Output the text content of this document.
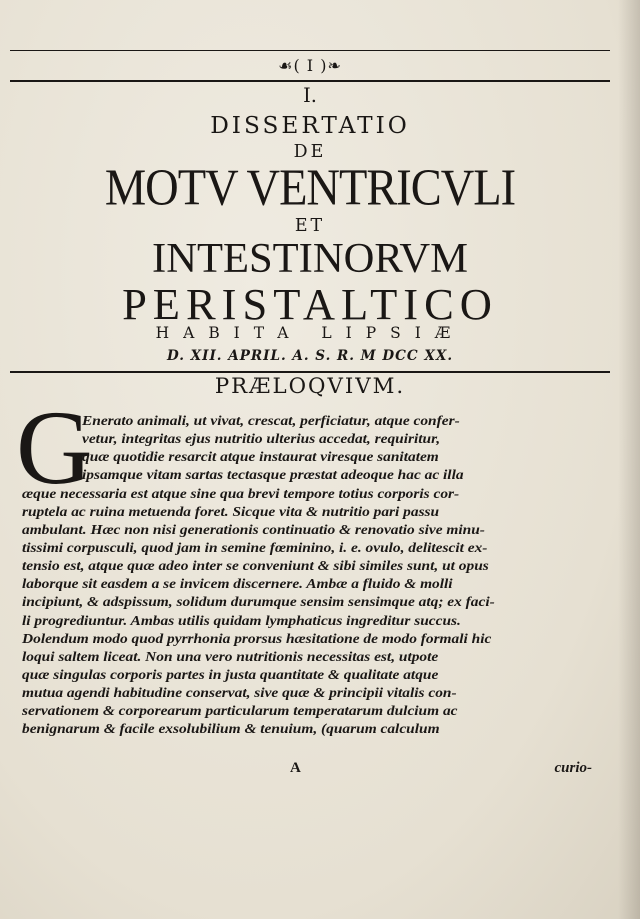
☙( I )❧
I.
DISSERTATIO
DE
MOTV VENTRICVLI
ET
INTESTINORVM
PERISTALTICO
HABITA LIPSIÆ
D. XII. APRIL. A. S. R. M DCC XX.
PRÆLOQVIVM.
G
Enerato animali, ut vivat, crescat, perficiatur, atque confer-
vetur, integritas ejus nutritio ulterius accedat, requiritur,
quæ quotidie resarcit atque instaurat viresque sanitatem
ipsamque vitam sartas tectasque præstat adeoque hac ac illa
æque necessaria est atque sine qua brevi tempore totius corporis cor-
ruptela ac ruina metuenda foret. Sicque vita & nutritio pari passu
ambulant. Hæc non nisi generationis continuatio & renovatio sive minu-
tissimi corpusculi, quod jam in semine fœminino, i. e. ovulo, delitescit ex-
tensio est, atque quæ adeo inter se conveniunt & sibi similes sunt, ut opus
laborque sit easdem a se invicem discernere. Ambæ a fluido & molli
incipiunt, & adspissum, solidum durumque sensim sensimque atq; ex faci-
li progrediuntur. Ambas utilis quidam lymphaticus ingreditur succus.
Dolendum modo quod pyrrhonia prorsus hæsitatione de modo formali hic
loqui saltem liceat. Non una vero nutritionis necessitas est, utpote
quæ singulas corporis partes in justa quantitate & qualitate atque
mutua agendi habitudine conservat, sive quæ & principii vitalis con-
servationem & corporearum particularum temperatarum dulcium ac
benignarum & facile exsolubilium & tenuium, (quarum calculum
A	curio-
